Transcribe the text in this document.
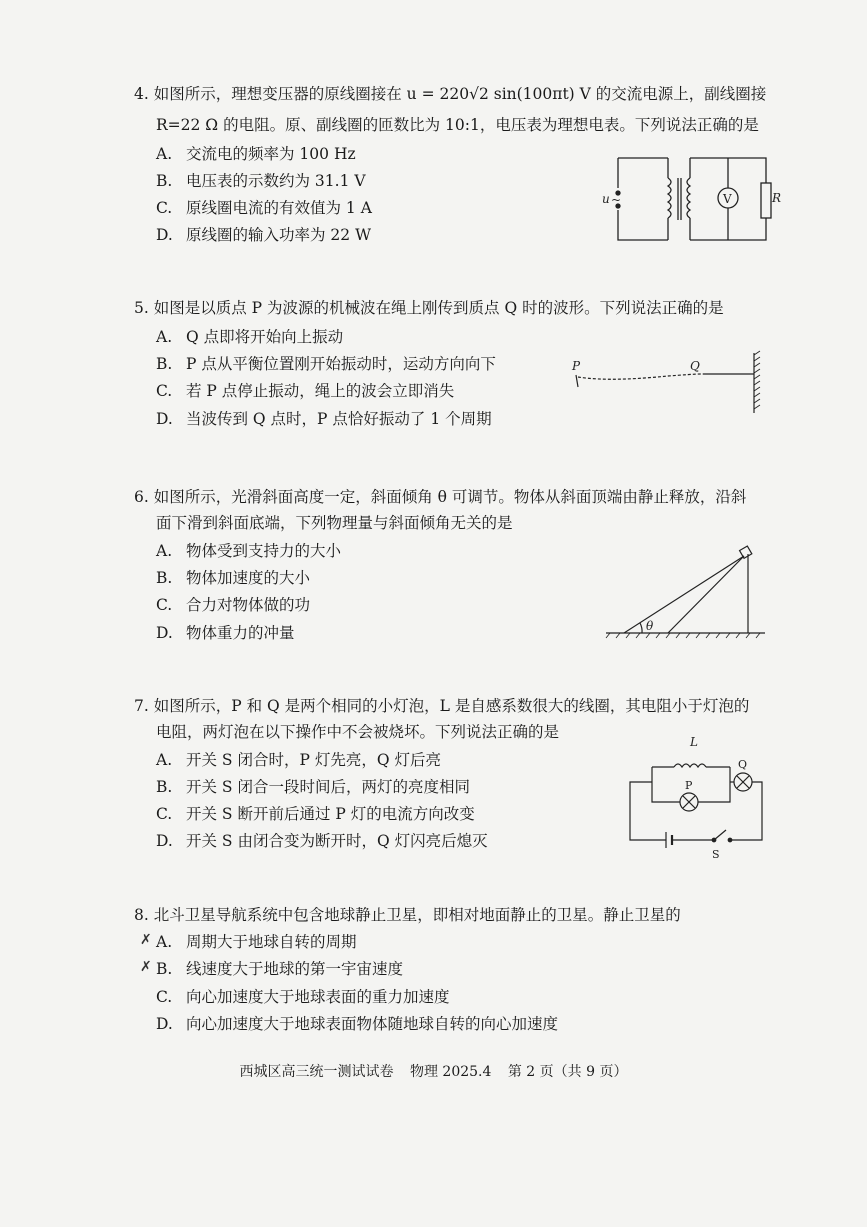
4. 如图所示，理想变压器的原线圈接在 u = 220√2 sin(100πt) V 的交流电源上，副线圈接
R=22 Ω 的电阻。原、副线圈的匝数比为 10:1，电压表为理想电表。下列说法正确的是
A. 交流电的频率为 100 Hz
B. 电压表的示数约为 31.1 V
C. 原线圈电流的有效值为 1 A
D. 原线圈的输入功率为 22 W
u ~	V	R
5. 如图是以质点 P 为波源的机械波在绳上刚传到质点 Q 时的波形。下列说法正确的是
A. Q 点即将开始向上振动
B. P 点从平衡位置刚开始振动时，运动方向向下
C. 若 P 点停止振动，绳上的波会立即消失
D. 当波传到 Q 点时，P 点恰好振动了 1 个周期
P	Q
6. 如图所示，光滑斜面高度一定，斜面倾角 θ 可调节。物体从斜面顶端由静止释放，沿斜
面下滑到斜面底端，下列物理量与斜面倾角无关的是
A. 物体受到支持力的大小
B. 物体加速度的大小
C. 合力对物体做的功
D. 物体重力的冲量	θ
7. 如图所示，P 和 Q 是两个相同的小灯泡，L 是自感系数很大的线圈，其电阻小于灯泡的
电阻，两灯泡在以下操作中不会被烧坏。下列说法正确的是
A. 开关 S 闭合时，P 灯先亮，Q 灯后亮
B. 开关 S 闭合一段时间后，两灯的亮度相同
C. 开关 S 断开前后通过 P 灯的电流方向改变
D. 开关 S 由闭合变为断开时，Q 灯闪亮后熄灭
L
P
Q
S
8. 北斗卫星导航系统中包含地球静止卫星，即相对地面静止的卫星。静止卫星的
✗ A. 周期大于地球自转的周期
✗ B. 线速度大于地球的第一宇宙速度
C. 向心加速度大于地球表面的重力加速度
D. 向心加速度大于地球表面物体随地球自转的向心加速度
西城区高三统一测试试卷 物理 2025.4 第 2 页（共 9 页）
